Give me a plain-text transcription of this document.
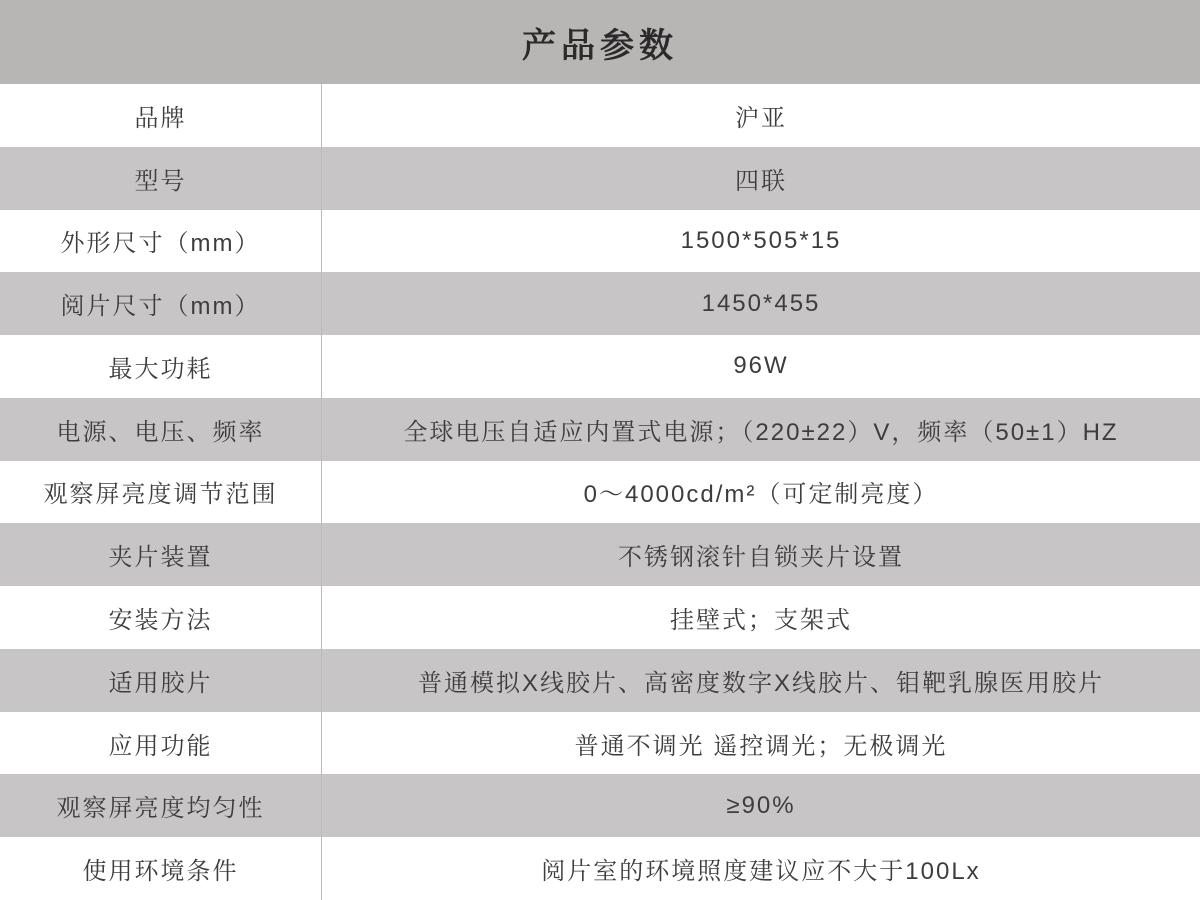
产品参数
品牌	沪亚
型号	四联
外形尺寸（mm）	1500*505*15
阅片尺寸（mm）	1450*455
最大功耗	96W
电源、电压、频率	全球电压自适应内置式电源；（220±22）V，频率（50±1）HZ
观察屏亮度调节范围	0～4000cd/m²（可定制亮度）
夹片装置	不锈钢滚针自锁夹片设置
安装方法	挂壁式；支架式
适用胶片	普通模拟X线胶片、高密度数字X线胶片、钼靶乳腺医用胶片
应用功能	普通不调光 遥控调光；无极调光
观察屏亮度均匀性	≥90%
使用环境条件	阅片室的环境照度建议应不大于100Lx
